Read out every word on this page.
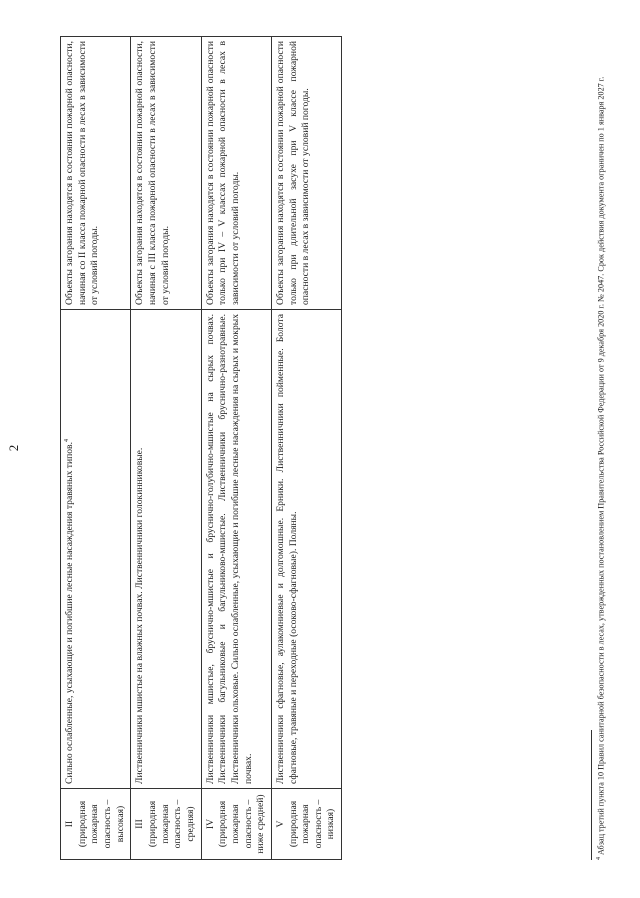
2
II (природная пожарная опасность – высокая)	Сильно ослабленные, усыхающие и погибшие лесные насаждения травяных типов.$^4$	Объекты загорания находятся в состоянии пожарной опасности, начиная со II класса пожарной опасности в лесах в зависимости от условий погоды.

III (природная пожарная опасность – средняя)	Лиственничники мшистые на влажных почвах. Лиственничники голокинниковые.	Объекты загорания находятся в состоянии пожарной опасности, начиная с III класса пожарной опасности в лесах в зависимости от условий погоды.

IV (природная пожарная опасность – ниже средней)	Лиственничники мшистые, бруснично-мшистые и бруснично-голубично-мшистые на сырых почвах. Лиственничники багульниковые и багульниково-мшистые. Лиственничники бруснично-разнотравные. Лиственничники ольховые. Сильно ослабленные, усыхающие и погибшие лесные насаждения на сырых и мокрых почвах.	Объекты загорания находятся в состоянии пожарной опасности только при IV – V классах пожарной опасности в лесах в зависимости от условий погоды.

V (природная пожарная опасность – низкая)	Лиственничники сфагновые, аулакомниевые и долгомошные. Ерники. Лиственничники пойменные. Болота сфагновые, травяные и переходные (осоково-сфагновые). Поляны.	Объекты загорания находятся в состоянии пожарной опасности только при длительной засухе при V классе пожарной опасности в лесах в зависимости от условий погоды.
$^4$ Абзац третий пункта 10 Правил санитарной безопасности в лесах, утвержденных постановлением Правительства Российской Федерации от 9 декабря 2020 г. № 2047. Срок действия документа ограничен по 1 января 2027 г.
